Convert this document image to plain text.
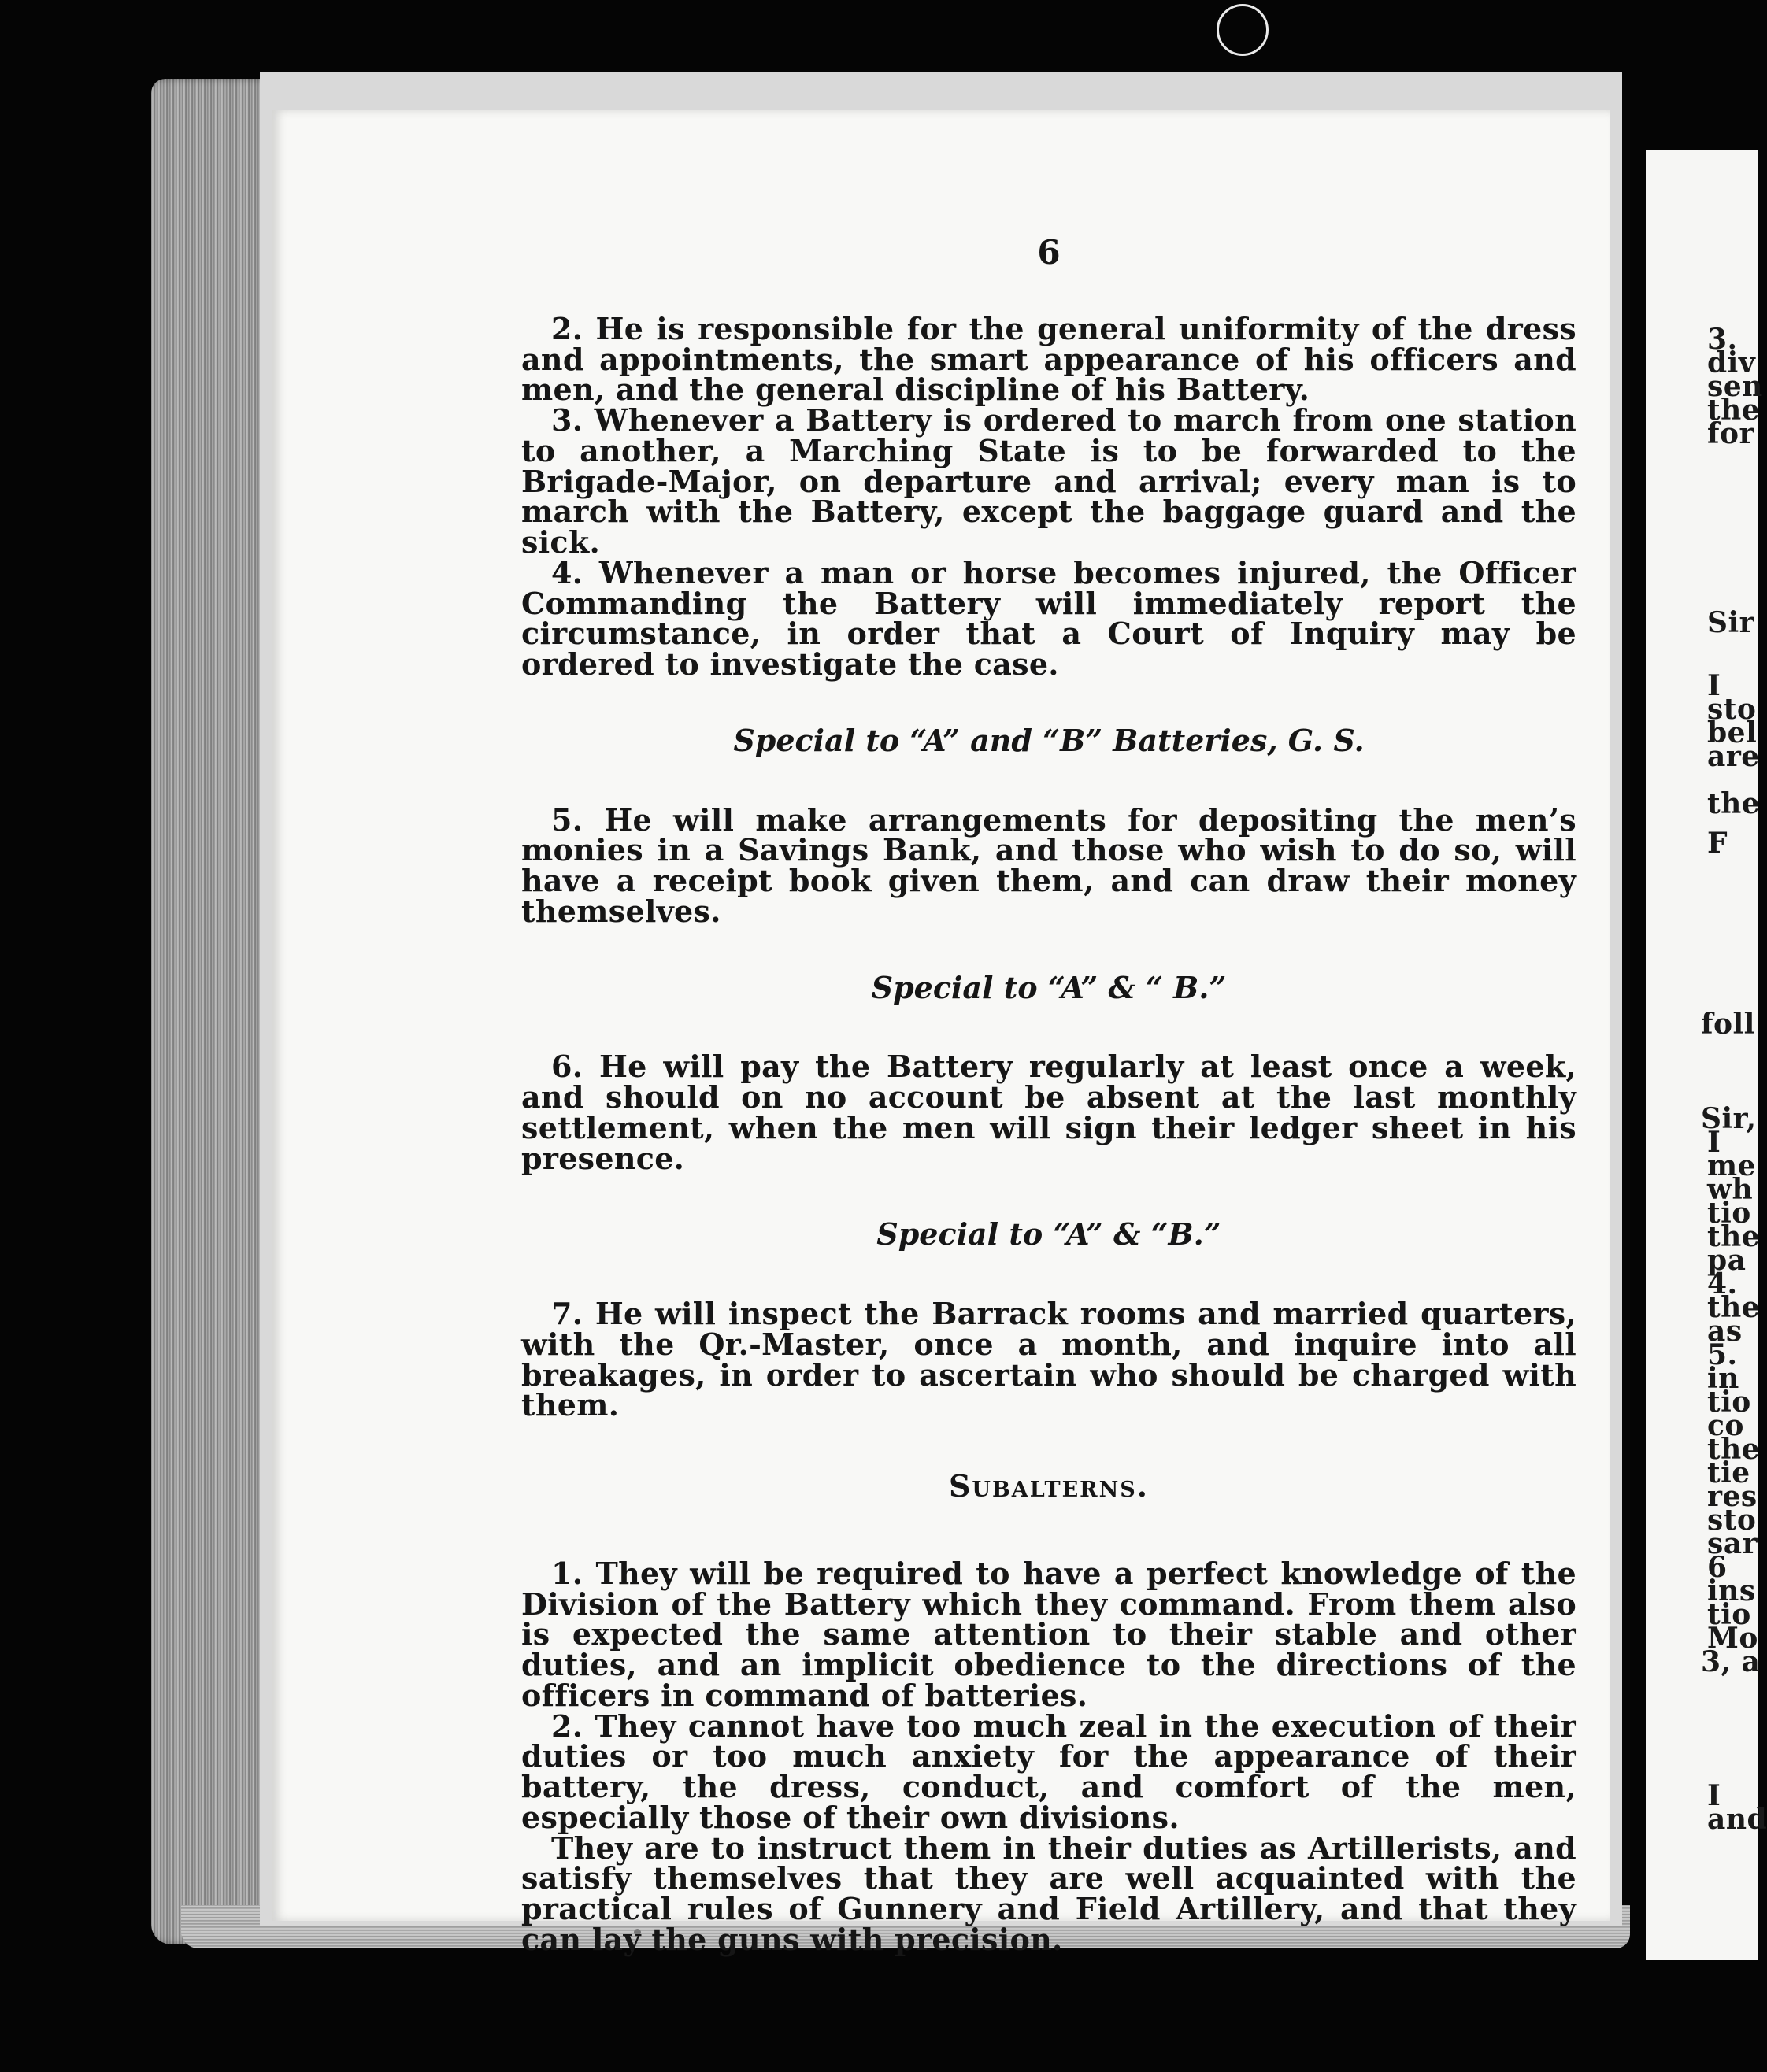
6

2. He is responsible for the general uniformity of the dress and appointments, the smart appearance of his officers and men, and the general discipline of his Battery.

3. Whenever a Battery is ordered to march from one station to another, a Marching State is to be forwarded to the Brigade-Major, on departure and arrival; every man is to march with the Battery, except the baggage guard and the sick.

4. Whenever a man or horse becomes injured, the Officer Commanding the Battery will immediately report the circumstance, in order that a Court of Inquiry may be ordered to investigate the case.

Special to “A” and “B” Batteries, G. S.

5. He will make arrangements for depositing the men’s monies in a Savings Bank, and those who wish to do so, will have a receipt book given them, and can draw their money themselves.

Special to “A” & “ B.”

6. He will pay the Battery regularly at least once a week, and should on no account be absent at the last monthly settlement, when the men will sign their ledger sheet in his presence.

Special to “A” & “B.”

7. He will inspect the Barrack rooms and married quarters, with the Qr.-Master, once a month, and inquire into all breakages, in order to ascertain who should be charged with them.

Subalterns.

1. They will be required to have a perfect knowledge of the Division of the Battery which they command. From them also is expected the same attention to their stable and other duties, and an implicit obedience to the directions of the officers in command of batteries.

2. They cannot have too much zeal in the execution of their duties or too much anxiety for the appearance of their battery, the dress, conduct, and comfort of the men, especially those of their own divisions.

They are to instruct them in their duties as Artillerists, and satisfy themselves that they are well acquainted with the practical rules of Gunnery and Field Artillery, and that they can lay the guns with precision.

3.
div
sen
the
for
Sir
I
sto
bel
are
the
F
foll
Sir,
I
me
wh
tio
the
pa
4.
the
as
5.
in
tio
co
the
tie
res
sto
sar
6
ins
tio
Mo
3, a
I
and
